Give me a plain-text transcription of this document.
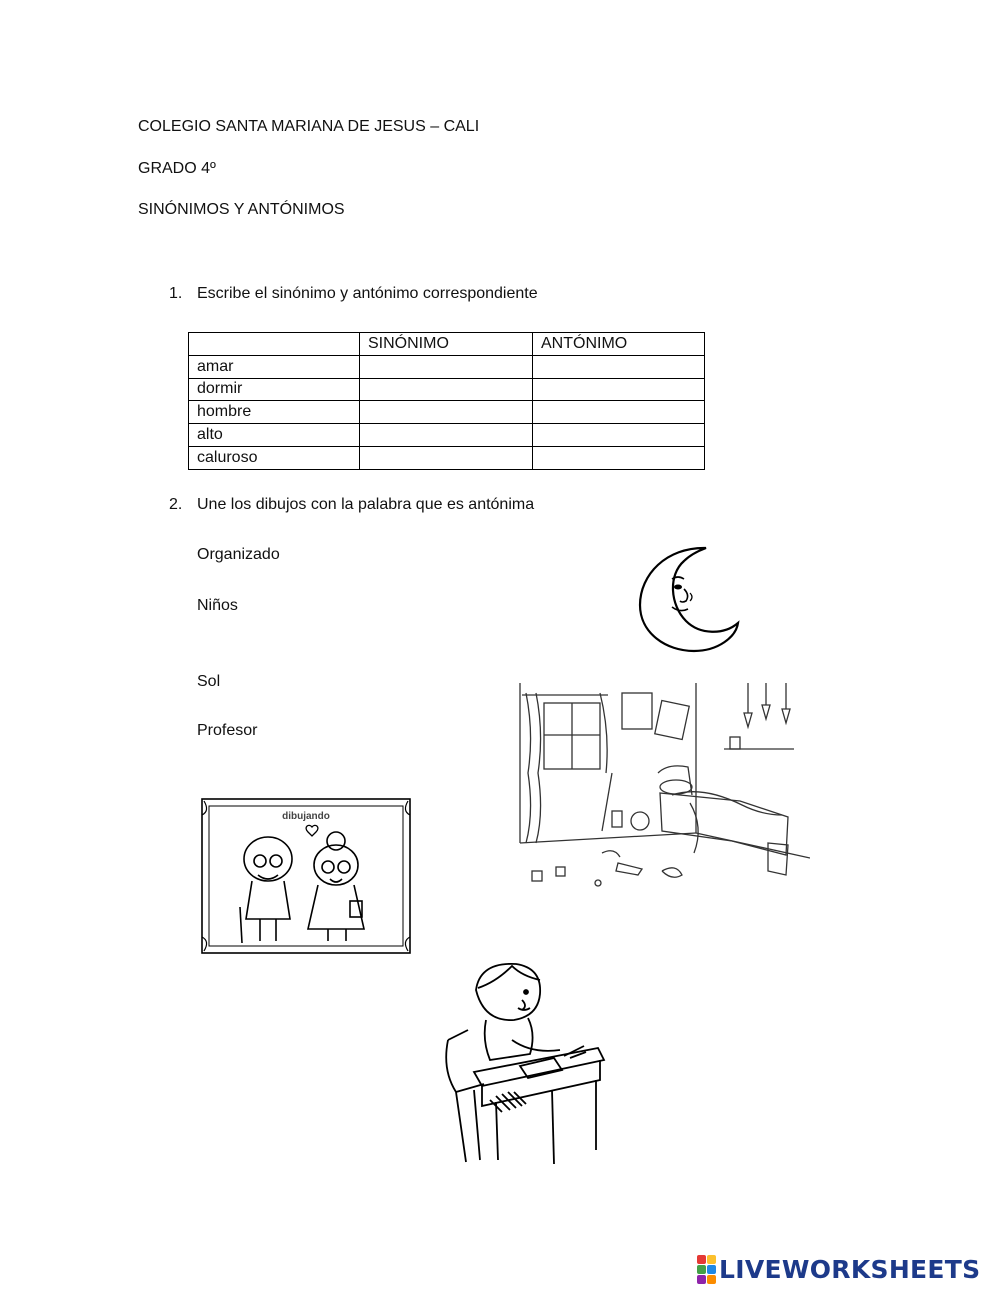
COLEGIO SANTA MARIANA DE JESUS – CALI
GRADO 4º
SINÓNIMOS Y ANTÓNIMOS
1. Escribe el sinónimo y antónimo correspondiente
	SINÓNIMO	ANTÓNIMO
amar		
dormir		
hombre		
alto		
caluroso		
2. Une los dibujos con la palabra que es antónima
Organizado
Niños
Sol
Profesor
dibujando
LIVEWORKSHEETS
